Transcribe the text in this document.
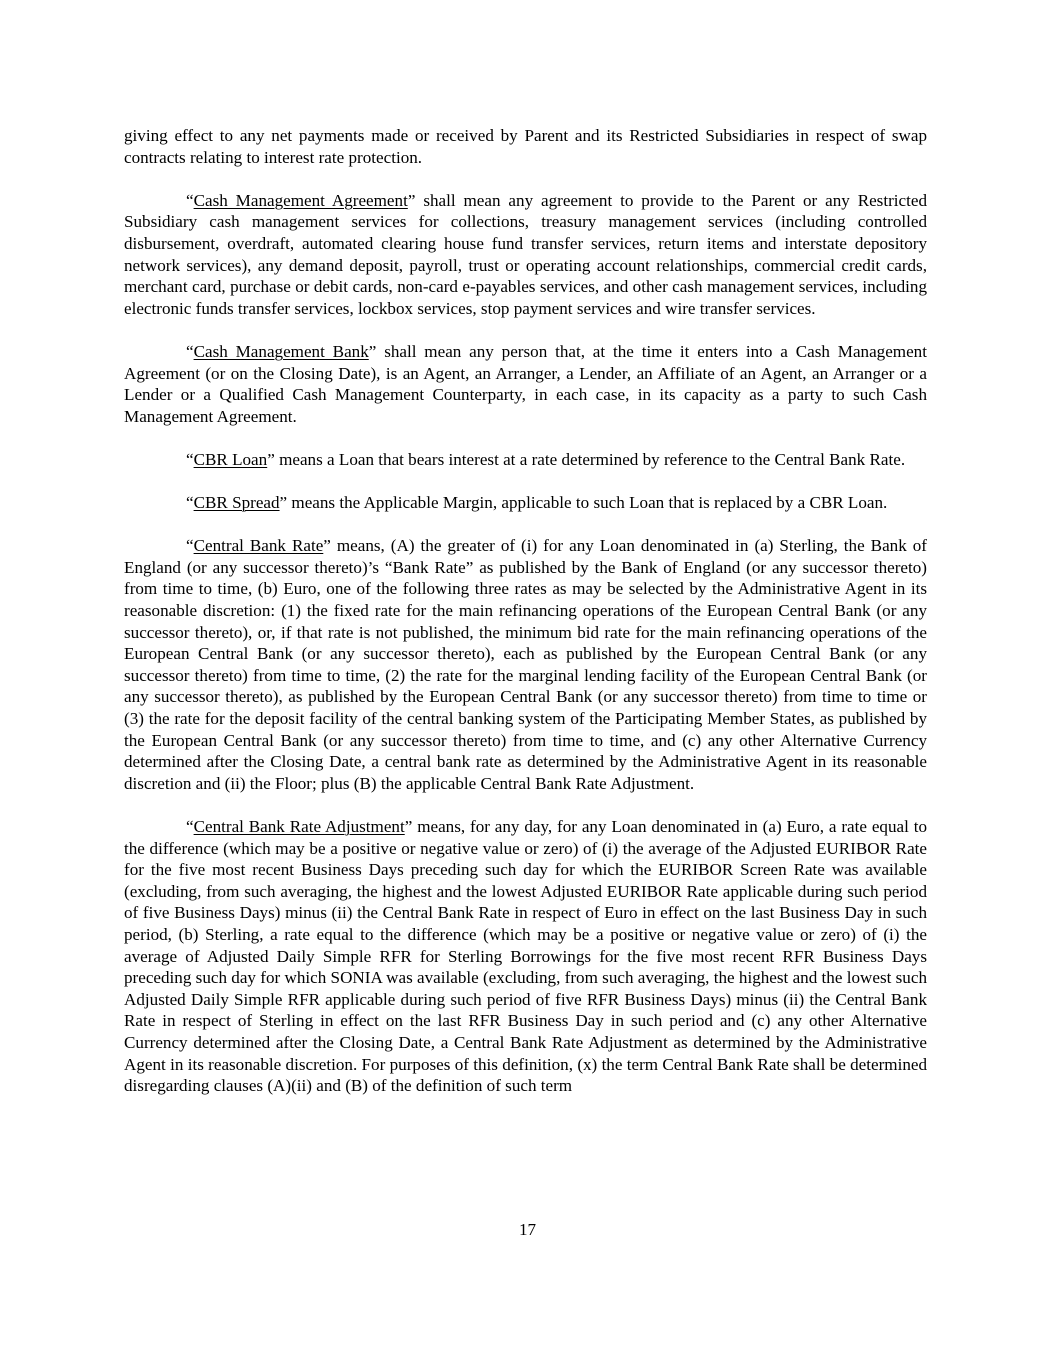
giving effect to any net payments made or received by Parent and its Restricted Subsidiaries in respect of swap contracts relating to interest rate protection.

“Cash Management Agreement” shall mean any agreement to provide to the Parent or any Restricted Subsidiary cash management services for collections, treasury management services (including controlled disbursement, overdraft, automated clearing house fund transfer services, return items and interstate depository network services), any demand deposit, payroll, trust or operating account relationships, commercial credit cards, merchant card, purchase or debit cards, non-card e-payables services, and other cash management services, including electronic funds transfer services, lockbox services, stop payment services and wire transfer services.

“Cash Management Bank” shall mean any person that, at the time it enters into a Cash Management Agreement (or on the Closing Date), is an Agent, an Arranger, a Lender, an Affiliate of an Agent, an Arranger or a Lender or a Qualified Cash Management Counterparty, in each case, in its capacity as a party to such Cash Management Agreement.

“CBR Loan” means a Loan that bears interest at a rate determined by reference to the Central Bank Rate.

“CBR Spread” means the Applicable Margin, applicable to such Loan that is replaced by a CBR Loan.

“Central Bank Rate” means, (A) the greater of (i) for any Loan denominated in (a) Sterling, the Bank of England (or any successor thereto)’s “Bank Rate” as published by the Bank of England (or any successor thereto) from time to time, (b) Euro, one of the following three rates as may be selected by the Administrative Agent in its reasonable discretion: (1) the fixed rate for the main refinancing operations of the European Central Bank (or any successor thereto), or, if that rate is not published, the minimum bid rate for the main refinancing operations of the European Central Bank (or any successor thereto), each as published by the European Central Bank (or any successor thereto) from time to time, (2) the rate for the marginal lending facility of the European Central Bank (or any successor thereto), as published by the European Central Bank (or any successor thereto) from time to time or (3) the rate for the deposit facility of the central banking system of the Participating Member States, as published by the European Central Bank (or any successor thereto) from time to time, and (c) any other Alternative Currency determined after the Closing Date, a central bank rate as determined by the Administrative Agent in its reasonable discretion and (ii) the Floor; plus (B) the applicable Central Bank Rate Adjustment.

“Central Bank Rate Adjustment” means, for any day, for any Loan denominated in (a) Euro, a rate equal to the difference (which may be a positive or negative value or zero) of (i) the average of the Adjusted EURIBOR Rate for the five most recent Business Days preceding such day for which the EURIBOR Screen Rate was available (excluding, from such averaging, the highest and the lowest Adjusted EURIBOR Rate applicable during such period of five Business Days) minus (ii) the Central Bank Rate in respect of Euro in effect on the last Business Day in such period, (b) Sterling, a rate equal to the difference (which may be a positive or negative value or zero) of (i) the average of Adjusted Daily Simple RFR for Sterling Borrowings for the five most recent RFR Business Days preceding such day for which SONIA was available (excluding, from such averaging, the highest and the lowest such Adjusted Daily Simple RFR applicable during such period of five RFR Business Days) minus (ii) the Central Bank Rate in respect of Sterling in effect on the last RFR Business Day in such period and (c) any other Alternative Currency determined after the Closing Date, a Central Bank Rate Adjustment as determined by the Administrative Agent in its reasonable discretion. For purposes of this definition, (x) the term Central Bank Rate shall be determined disregarding clauses (A)(ii) and (B) of the definition of such term

17
